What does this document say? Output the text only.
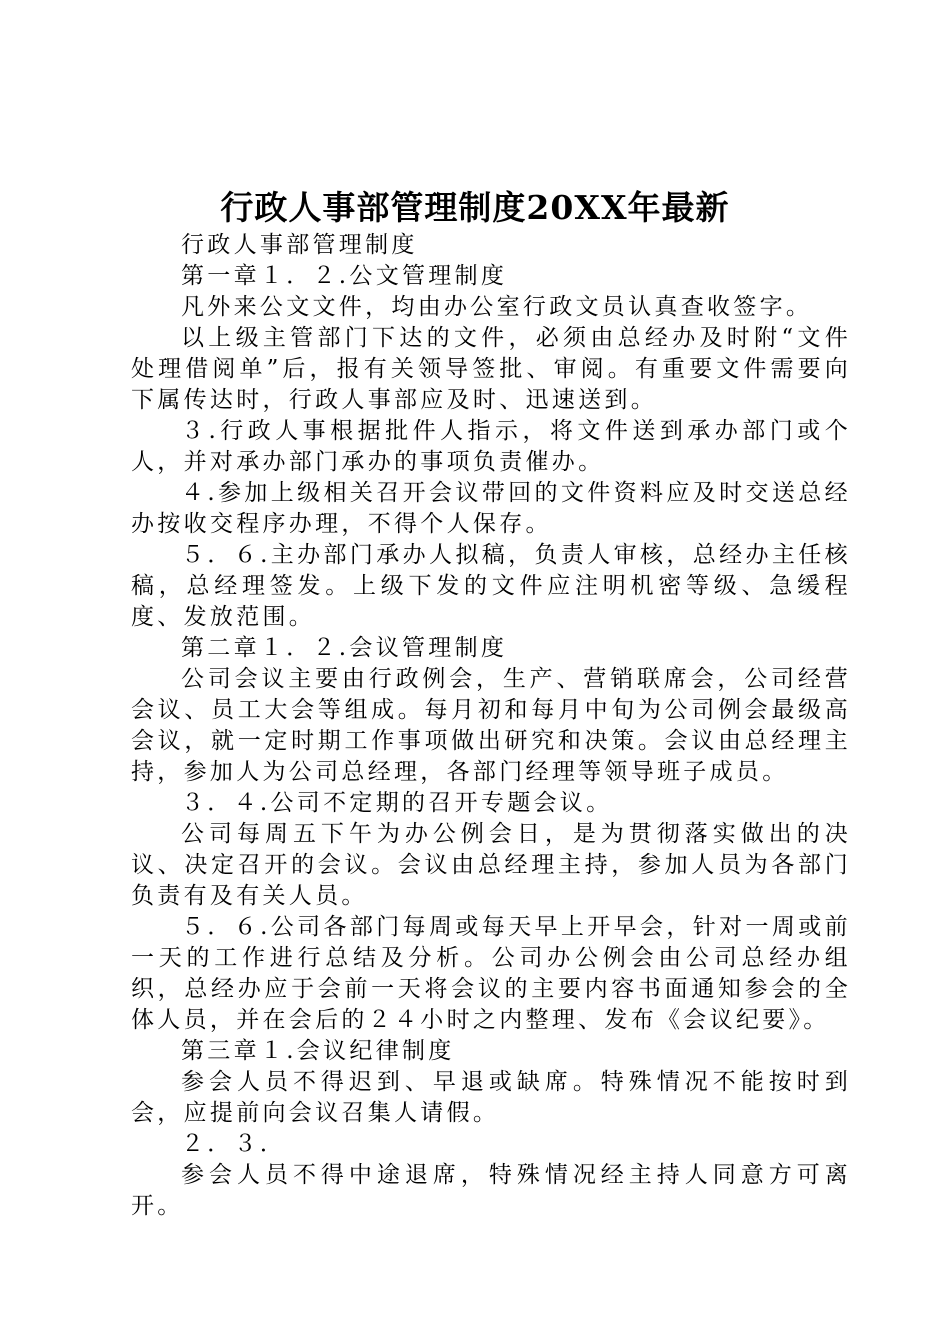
行政人事部管理制度20XX年最新

行政人事部管理制度

第一章１．２.公文管理制度

凡外来公文文件，均由办公室行政文员认真查收签字。

以上级主管部门下达的文件，必须由总经办及时附“文件处理借阅单”后，报有关领导签批、审阅。有重要文件需要向下属传达时，行政人事部应及时、迅速送到。

３.行政人事根据批件人指示，将文件送到承办部门或个人，并对承办部门承办的事项负责催办。

４.参加上级相关召开会议带回的文件资料应及时交送总经办按收交程序办理，不得个人保存。

５．６.主办部门承办人拟稿，负责人审核，总经办主任核稿，总经理签发。上级下发的文件应注明机密等级、急缓程度、发放范围。

第二章１．２.会议管理制度

公司会议主要由行政例会，生产、营销联席会，公司经营会议、员工大会等组成。每月初和每月中旬为公司例会最级高会议，就一定时期工作事项做出研究和决策。会议由总经理主持，参加人为公司总经理，各部门经理等领导班子成员。

３．４.公司不定期的召开专题会议。

公司每周五下午为办公例会日，是为贯彻落实做出的决议、决定召开的会议。会议由总经理主持，参加人员为各部门负责有及有关人员。

５．６.公司各部门每周或每天早上开早会，针对一周或前一天的工作进行总结及分析。公司办公例会由公司总经办组织，总经办应于会前一天将会议的主要内容书面通知参会的全体人员，并在会后的２４小时之内整理、发布《会议纪要》。

第三章１.会议纪律制度

参会人员不得迟到、早退或缺席。特殊情况不能按时到会，应提前向会议召集人请假。

２．３．

参会人员不得中途退席，特殊情况经主持人同意方可离开。
